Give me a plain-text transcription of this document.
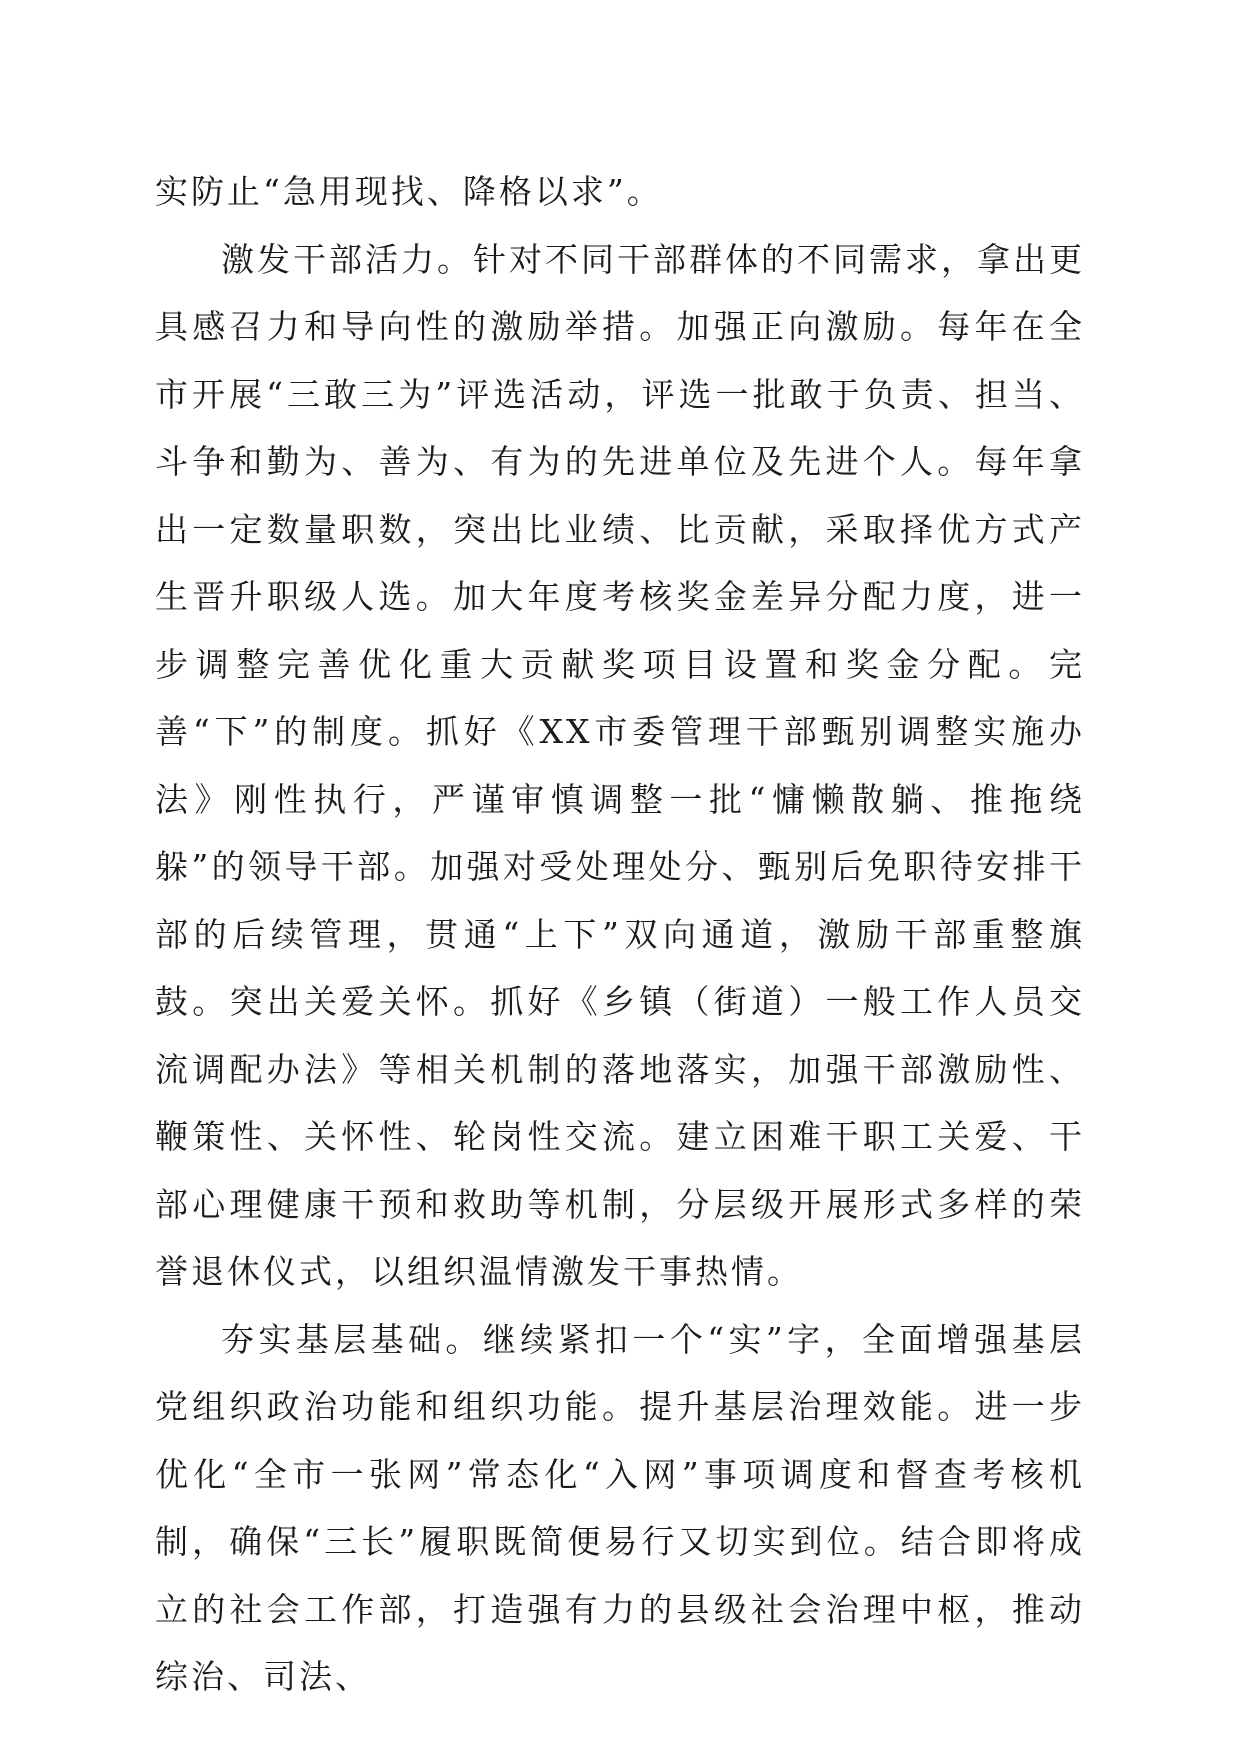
实防止“急用现找、降格以求”。

激发干部活力。针对不同干部群体的不同需求，拿出更具感召力和导向性的激励举措。加强正向激励。每年在全市开展“三敢三为”评选活动，评选一批敢于负责、担当、斗争和勤为、善为、有为的先进单位及先进个人。每年拿出一定数量职数，突出比业绩、比贡献，采取择优方式产生晋升职级人选。加大年度考核奖金差异分配力度，进一步调整完善优化重大贡献奖项目设置和奖金分配。完善“下”的制度。抓好《XX市委管理干部甄别调整实施办法》刚性执行，严谨审慎调整一批“慵懒散躺、推拖绕躲”的领导干部。加强对受处理处分、甄别后免职待安排干部的后续管理，贯通“上下”双向通道，激励干部重整旗鼓。突出关爱关怀。抓好《乡镇（街道）一般工作人员交流调配办法》等相关机制的落地落实，加强干部激励性、鞭策性、关怀性、轮岗性交流。建立困难干职工关爱、干部心理健康干预和救助等机制，分层级开展形式多样的荣誉退休仪式，以组织温情激发干事热情。

夯实基层基础。继续紧扣一个“实”字，全面增强基层党组织政治功能和组织功能。提升基层治理效能。进一步优化“全市一张网”常态化“入网”事项调度和督查考核机制，确保“三长”履职既简便易行又切实到位。结合即将成立的社会工作部，打造强有力的县级社会治理中枢，推动综治、司法、
